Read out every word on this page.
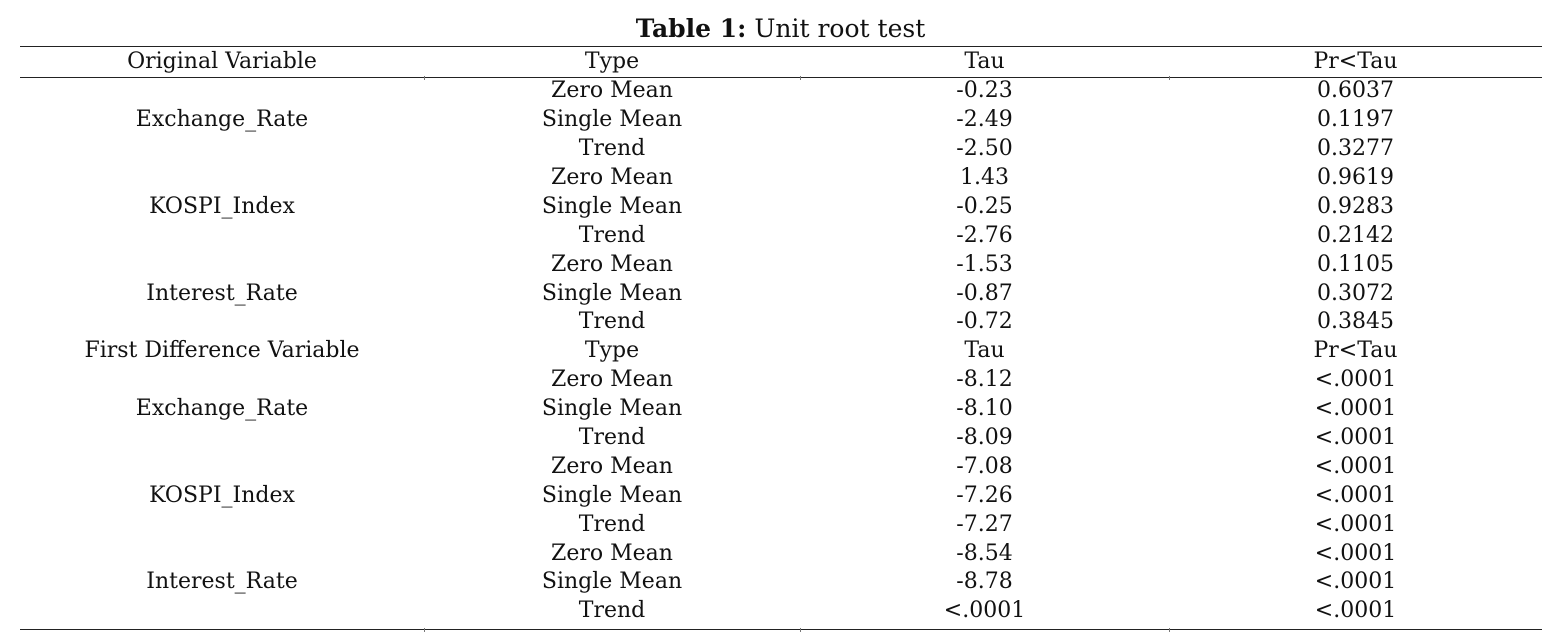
Table 1: Unit root test
Original Variable	Type	Tau	Pr<Tau
Exchange_Rate	Zero Mean	-0.23	0.6037
	Single Mean	-2.49	0.1197
	Trend	-2.50	0.3277
KOSPI_Index	Zero Mean	1.43	0.9619
	Single Mean	-0.25	0.9283
	Trend	-2.76	0.2142
Interest_Rate	Zero Mean	-1.53	0.1105
	Single Mean	-0.87	0.3072
	Trend	-0.72	0.3845
First Difference Variable	Type	Tau	Pr<Tau
Exchange_Rate	Zero Mean	-8.12	<.0001
	Single Mean	-8.10	<.0001
	Trend	-8.09	<.0001
KOSPI_Index	Zero Mean	-7.08	<.0001
	Single Mean	-7.26	<.0001
	Trend	-7.27	<.0001
Interest_Rate	Zero Mean	-8.54	<.0001
	Single Mean	-8.78	<.0001
	Trend	<.0001	<.0001
